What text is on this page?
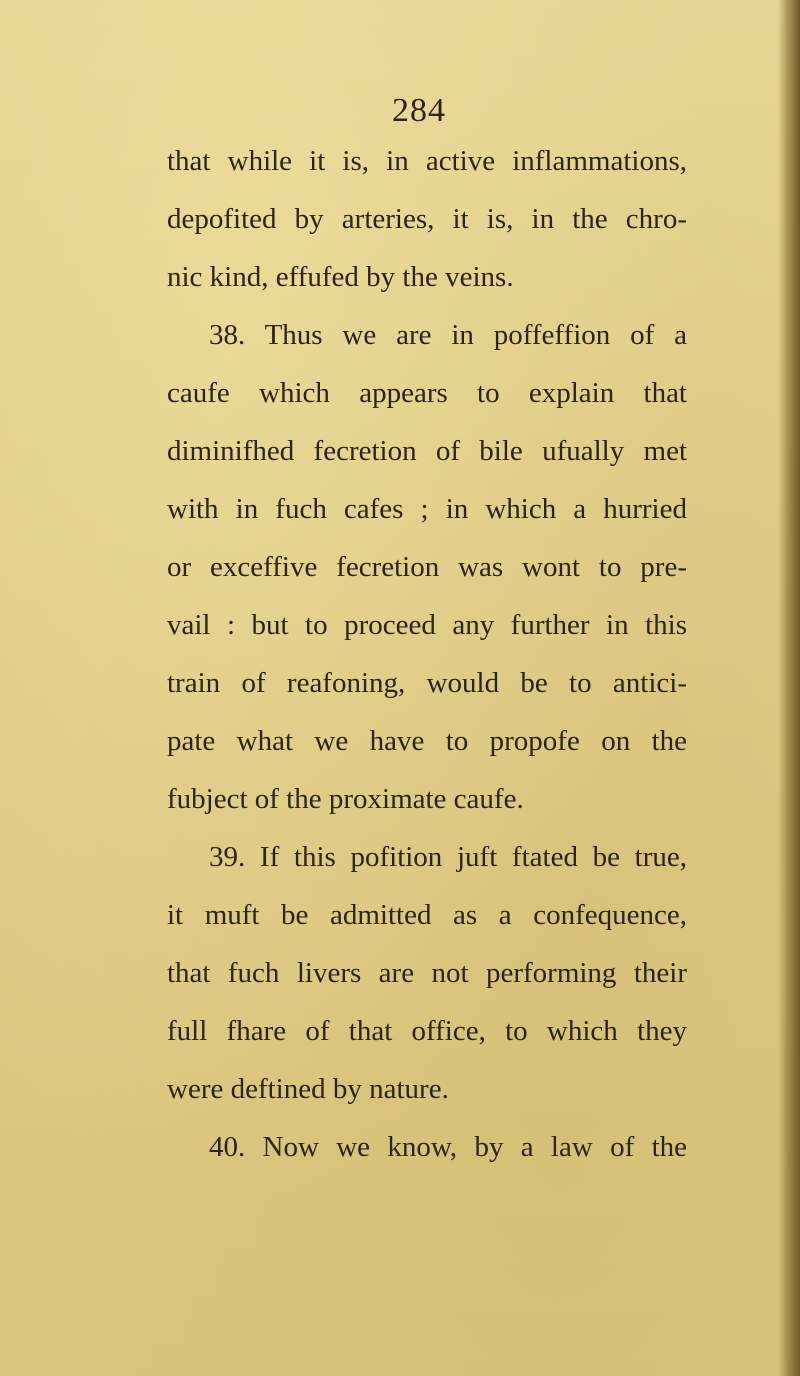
284
that while it is, in active inflammations,
depofited by arteries, it is, in the chro-
nic kind, effufed by the veins.
38. Thus we are in poffeffion of a
caufe which appears to explain that
diminifhed fecretion of bile ufually met
with in fuch cafes ; in which a hurried
or exceffive fecretion was wont to pre-
vail : but to proceed any further in this
train of reafoning, would be to antici-
pate what we have to propofe on the
fubject of the proximate caufe.
39. If this pofition juft ftated be true,
it muft be admitted as a confequence,
that fuch livers are not performing their
full fhare of that office, to which they
were deftined by nature.
40. Now we know, by a law of the
